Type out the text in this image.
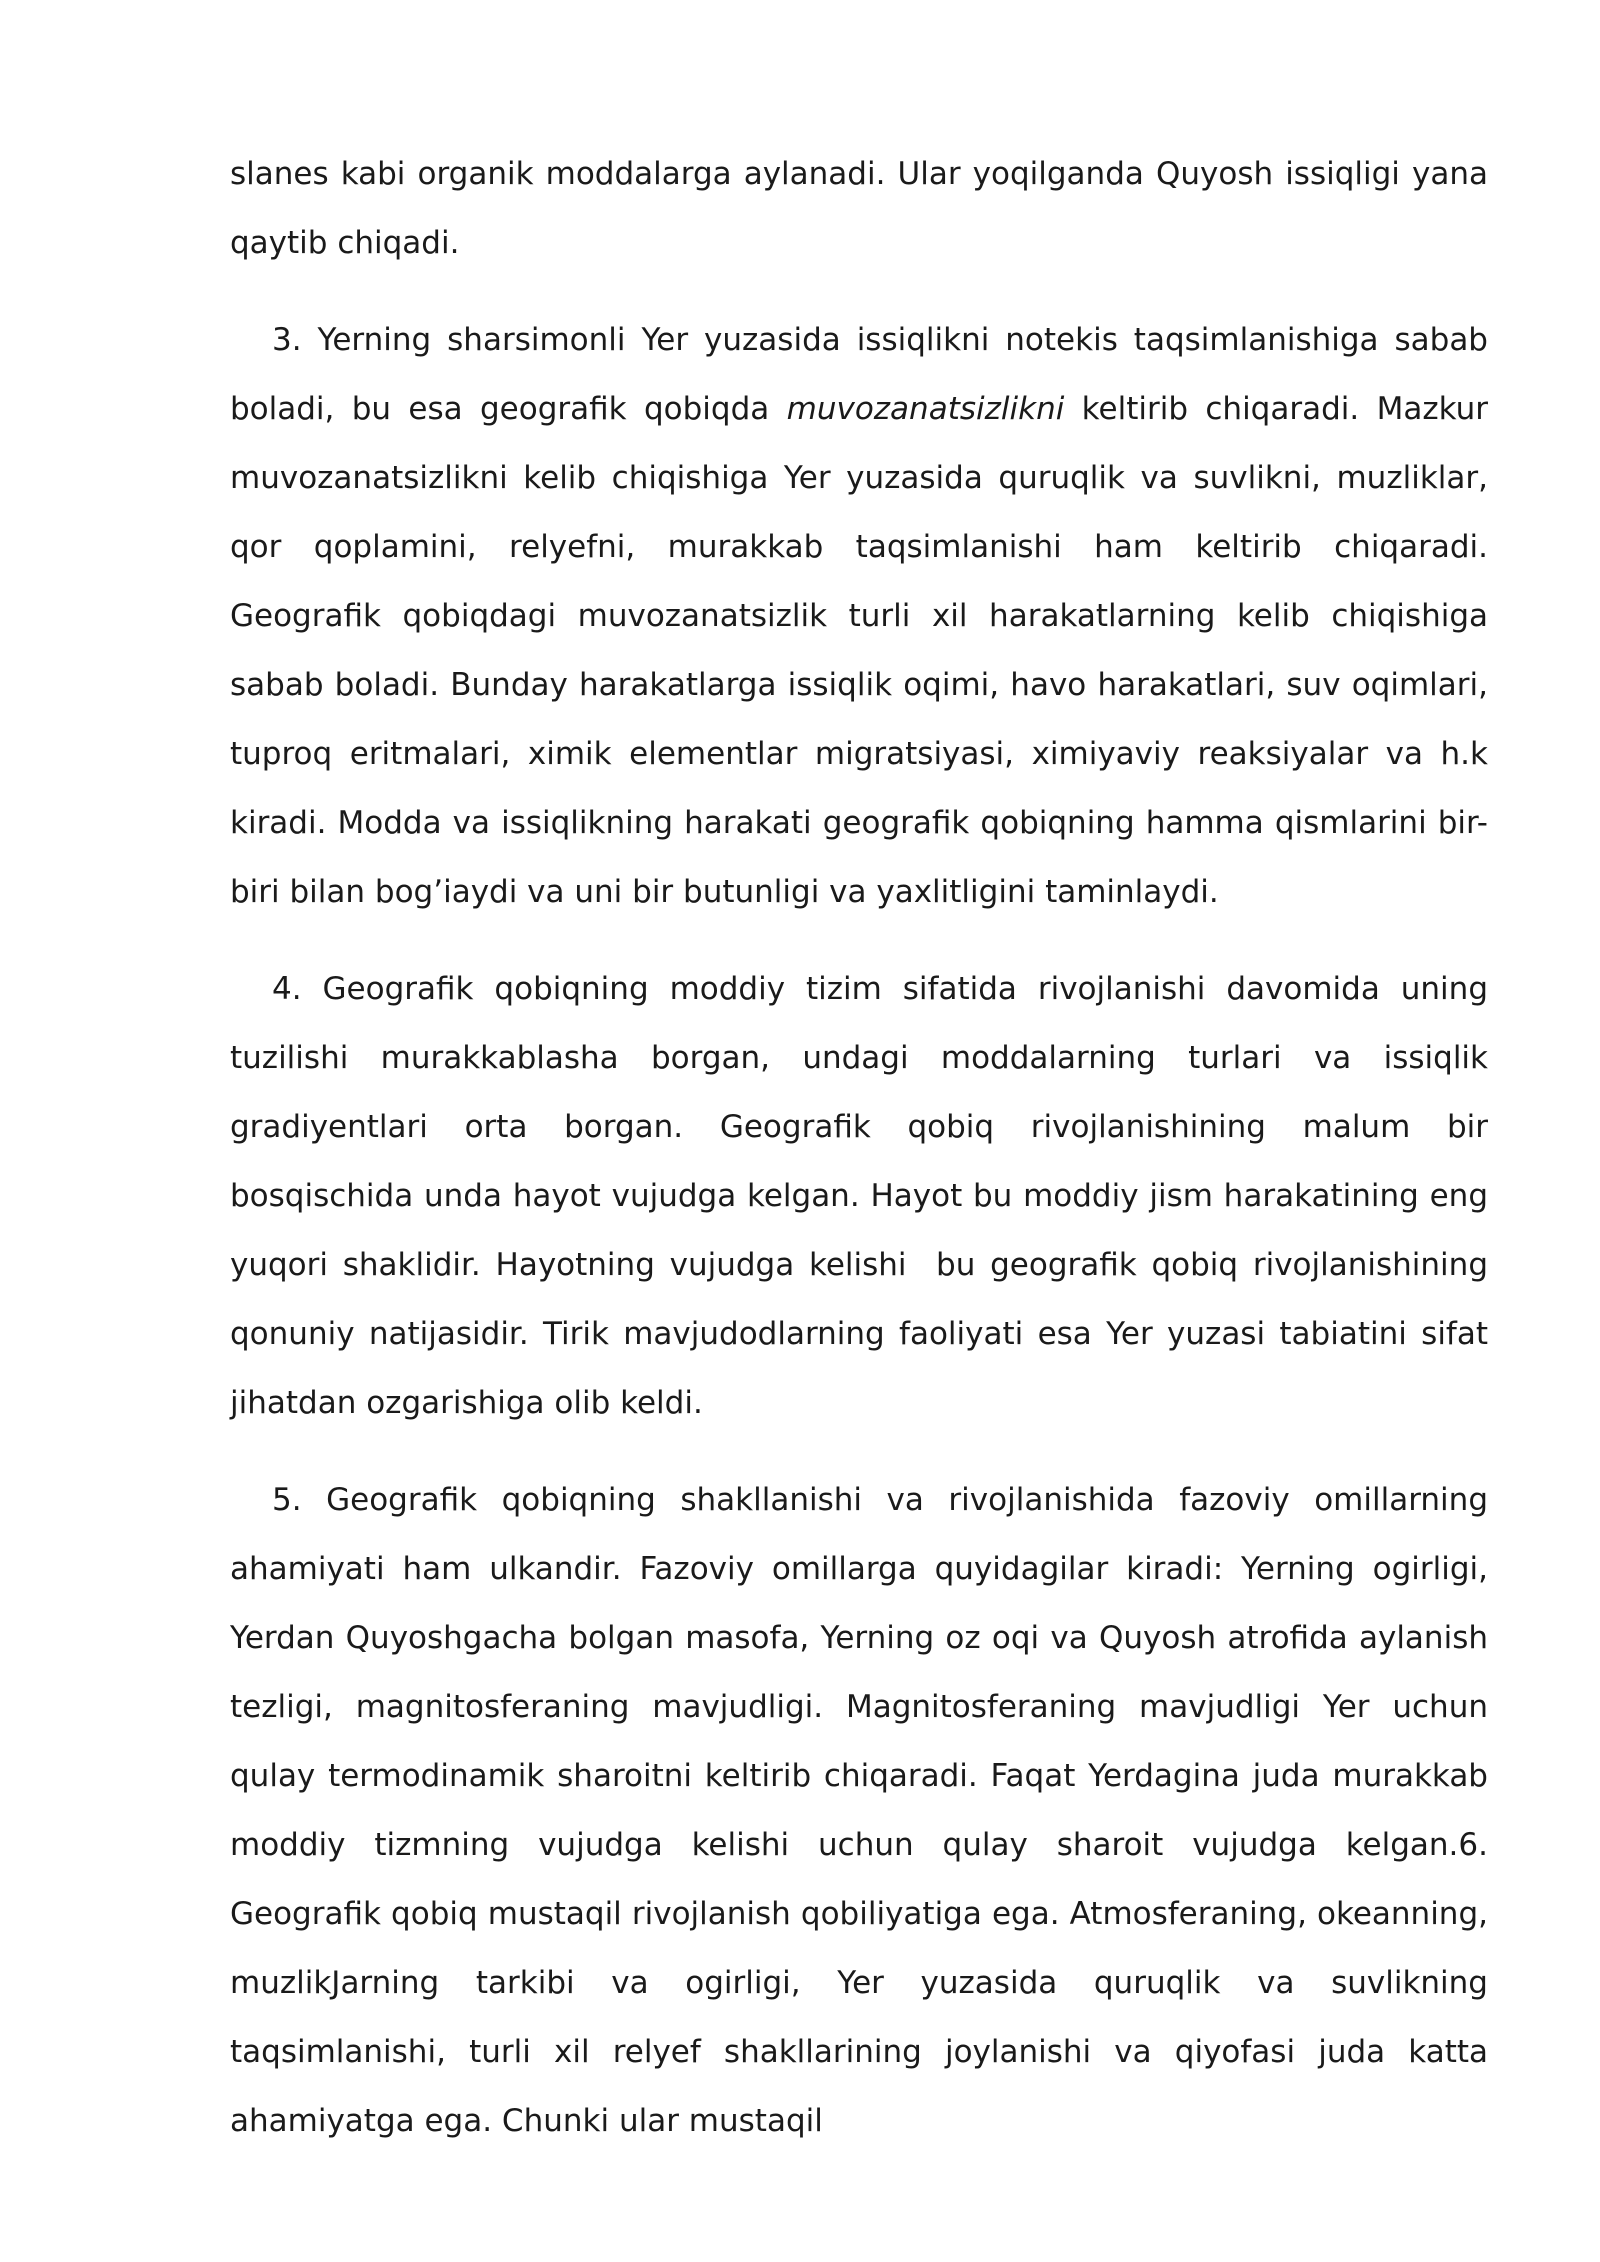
slanes kabi organik moddalarga aylanadi. Ular yoqilganda Quyosh issiqligi yana qaytib chiqadi.

3. Yerning sharsimonli Yer yuzasida issiqlikni notekis taqsimlanishiga sabab boladi, bu esa geografik qobiqda muvozanatsizlikni keltirib chiqaradi. Mazkur muvozanatsizlikni kelib chiqishiga Yer yuzasida quruqlik va suvlikni, muzliklar, qor qoplamini, relyefni, murakkab taqsimlanishi ham keltirib chiqaradi. Geografik qobiqdagi muvozanatsizlik turli xil harakatlarning kelib chiqishiga sabab boladi. Bunday harakatlarga issiqlik oqimi, havo harakatlari, suv oqimlari, tuproq eritmalari, ximik elementlar migratsiyasi, ximiyaviy reaksiyalar va h.k kiradi. Modda va issiqlikning harakati geografik qobiqning hamma qismlarini bir-biri bilan bog’iaydi va uni bir butunligi va yaxlitligini taminlaydi.

4. Geografik qobiqning moddiy tizim sifatida rivojlanishi davomida uning tuzilishi murakkablasha borgan, undagi moddalarning turlari va issiqlik gradiyentlari orta borgan. Geografik qobiq rivojlanishining malum bir bosqischida unda hayot vujudga kelgan. Hayot bu moddiy jism harakatining eng yuqori shaklidir. Hayotning vujudga kelishi  bu geografik qobiq rivojlanishining qonuniy natijasidir. Tirik mavjudodlarning faoliyati esa Yer yuzasi tabiatini sifat jihatdan ozgarishiga olib keldi.

5. Geografik qobiqning shakllanishi va rivojlanishida fazoviy omillarning ahamiyati ham ulkandir. Fazoviy omillarga quyidagilar kiradi: Yerning ogirligi, Yerdan Quyoshgacha bolgan masofa, Yerning oz oqi va Quyosh atrofida aylanish tezligi, magnitosferaning mavjudligi. Magnitosferaning mavjudligi Yer uchun qulay termodinamik sharoitni keltirib chiqaradi. Faqat Yerdagina juda murakkab moddiy tizmning vujudga kelishi uchun qulay sharoit vujudga kelgan.6. Geografik qobiq mustaqil rivojlanish qobiliyatiga ega. Atmosferaning, okeanning, muzlikJarning tarkibi va ogirligi, Yer yuzasida quruqlik va suvlikning taqsimlanishi, turli xil relyef shakllarining joylanishi va qiyofasi juda katta ahamiyatga ega. Chunki ular mustaqil
